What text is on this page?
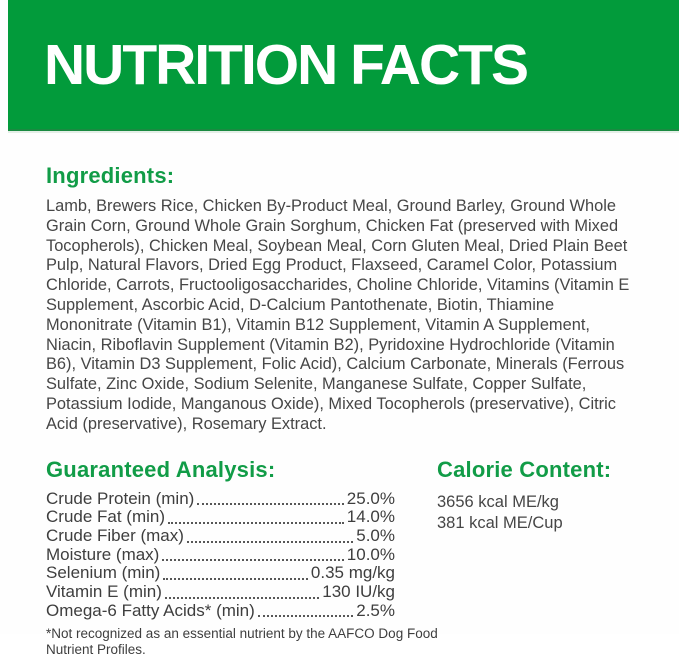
NUTRITION FACTS
Ingredients:
Lamb, Brewers Rice, Chicken By-Product Meal, Ground Barley, Ground Whole Grain Corn, Ground Whole Grain Sorghum, Chicken Fat (preserved with Mixed Tocopherols), Chicken Meal, Soybean Meal, Corn Gluten Meal, Dried Plain Beet Pulp, Natural Flavors, Dried Egg Product, Flaxseed, Caramel Color, Potassium Chloride, Carrots, Fructooligosaccharides, Choline Chloride, Vitamins (Vitamin E Supplement, Ascorbic Acid, D-Calcium Pantothenate, Biotin, Thiamine Mononitrate (Vitamin B1), Vitamin B12 Supplement, Vitamin A Supplement, Niacin, Riboflavin Supplement (Vitamin B2), Pyridoxine Hydrochloride (Vitamin B6), Vitamin D3 Supplement, Folic Acid), Calcium Carbonate, Minerals (Ferrous Sulfate, Zinc Oxide, Sodium Selenite, Manganese Sulfate, Copper Sulfate, Potassium Iodide, Manganous Oxide), Mixed Tocopherols (preservative), Citric Acid (preservative), Rosemary Extract.
Guaranteed Analysis:
Crude Protein (min)	25.0%
Crude Fat (min)	14.0%
Crude Fiber (max)	5.0%
Moisture (max)	10.0%
Selenium (min)	0.35 mg/kg
Vitamin E (min)	130 IU/kg
Omega-6 Fatty Acids* (min)	2.5%
*Not recognized as an essential nutrient by the AAFCO Dog Food Nutrient Profiles.
Calorie Content:
3656 kcal ME/kg
381 kcal ME/Cup
